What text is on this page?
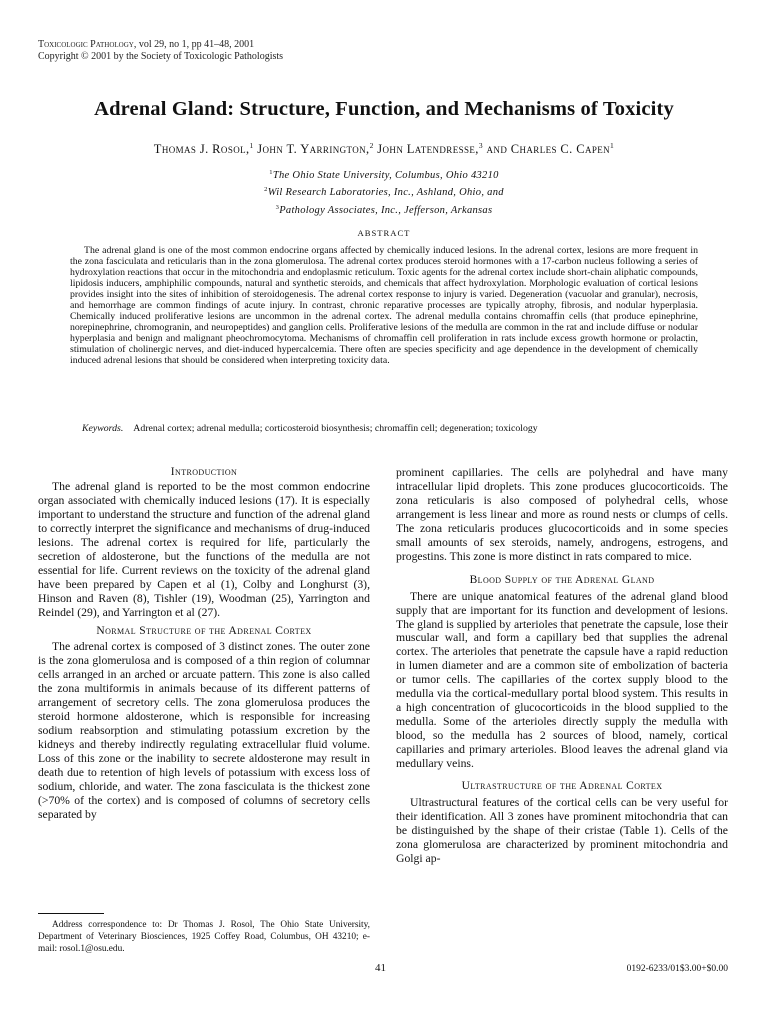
Toxicologic Pathology, vol 29, no 1, pp 41–48, 2001
Copyright © 2001 by the Society of Toxicologic Pathologists
Adrenal Gland: Structure, Function, and Mechanisms of Toxicity
Thomas J. Rosol,$^1$ John T. Yarrington,$^2$ John Latendresse,$^3$ and Charles C. Capen$^1$
$^1$The Ohio State University, Columbus, Ohio 43210
$^2$Wil Research Laboratories, Inc., Ashland, Ohio, and
$^3$Pathology Associates, Inc., Jefferson, Arkansas
ABSTRACT

The adrenal gland is one of the most common endocrine organs affected by chemically induced lesions. In the adrenal cortex, lesions are more frequent in the zona fasciculata and reticularis than in the zona glomerulosa. The adrenal cortex produces steroid hormones with a 17-carbon nucleus following a series of hydroxylation reactions that occur in the mitochondria and endoplasmic reticulum. Toxic agents for the adrenal cortex include short-chain aliphatic compounds, lipidosis inducers, amphiphilic compounds, natural and synthetic steroids, and chemicals that affect hydroxylation. Morphologic evaluation of cortical lesions provides insight into the sites of inhibition of steroidogenesis. The adrenal cortex response to injury is varied. Degeneration (vacuolar and granular), necrosis, and hemorrhage are common findings of acute injury. In contrast, chronic reparative processes are typically atrophy, fibrosis, and nodular hyperplasia. Chemically induced proliferative lesions are uncommon in the adrenal cortex. The adrenal medulla contains chromaffin cells (that produce epinephrine, norepinephrine, chromogranin, and neuropeptides) and ganglion cells. Proliferative lesions of the medulla are common in the rat and include diffuse or nodular hyperplasia and benign and malignant pheochromocytoma. Mechanisms of chromaffin cell proliferation in rats include excess growth hormone or prolactin, stimulation of cholinergic nerves, and diet-induced hypercalcemia. There often are species specificity and age dependence in the development of chemically induced adrenal lesions that should be considered when interpreting toxicity data.

Keywords. Adrenal cortex; adrenal medulla; corticosteroid biosynthesis; chromaffin cell; degeneration; toxicology

Introduction

The adrenal gland is reported to be the most common endocrine organ associated with chemically induced lesions (17). It is especially important to understand the structure and function of the adrenal gland to correctly interpret the significance and mechanisms of drug-induced lesions. The adrenal cortex is required for life, particularly the secretion of aldosterone, but the functions of the medulla are not essential for life. Current reviews on the toxicity of the adrenal gland have been prepared by Capen et al (1), Colby and Longhurst (3), Hinson and Raven (8), Tishler (19), Woodman (25), Yarrington and Reindel (29), and Yarrington et al (27).

Normal Structure of the Adrenal Cortex

The adrenal cortex is composed of 3 distinct zones. The outer zone is the zona glomerulosa and is composed of a thin region of columnar cells arranged in an arched or arcuate pattern. This zone is also called the zona multiformis in animals because of its different patterns of arrangement of secretory cells. The zona glomerulosa produces the steroid hormone aldosterone, which is responsible for increasing sodium reabsorption and stimulating potassium excretion by the kidneys and thereby indirectly regulating extracellular fluid volume. Loss of this zone or the inability to secrete aldosterone may result in death due to retention of high levels of potassium with excess loss of sodium, chloride, and water. The zona fasciculata is the thickest zone (>70% of the cortex) and is composed of columns of secretory cells separated by

prominent capillaries. The cells are polyhedral and have many intracellular lipid droplets. This zone produces glucocorticoids. The zona reticularis is also composed of polyhedral cells, whose arrangement is less linear and more as round nests or clumps of cells. The zona reticularis produces glucocorticoids and in some species small amounts of sex steroids, namely, androgens, estrogens, and progestins. This zone is more distinct in rats compared to mice.

Blood Supply of the Adrenal Gland

There are unique anatomical features of the adrenal gland blood supply that are important for its function and development of lesions. The gland is supplied by arterioles that penetrate the capsule, lose their muscular wall, and form a capillary bed that supplies the adrenal cortex. The arterioles that penetrate the capsule have a rapid reduction in lumen diameter and are a common site of embolization of bacteria or tumor cells. The capillaries of the cortex supply blood to the medulla via the cortical-medullary portal blood system. This results in a high concentration of glucocorticoids in the blood supplied to the medulla. Some of the arterioles directly supply the medulla with blood, so the medulla has 2 sources of blood, namely, cortical capillaries and primary arterioles. Blood leaves the adrenal gland via medullary veins.

Ultrastructure of the Adrenal Cortex

Ultrastructural features of the cortical cells can be very useful for their identification. All 3 zones have prominent mitochondria that can be distinguished by the shape of their cristae (Table 1). Cells of the zona glomerulosa are characterized by prominent mitochondria and Golgi ap-

Address correspondence to: Dr Thomas J. Rosol, The Ohio State University, Department of Veterinary Biosciences, 1925 Coffey Road, Columbus, OH 43210; e-mail: rosol.1@osu.edu.

41	0192-6233/01$3.00+$0.00
